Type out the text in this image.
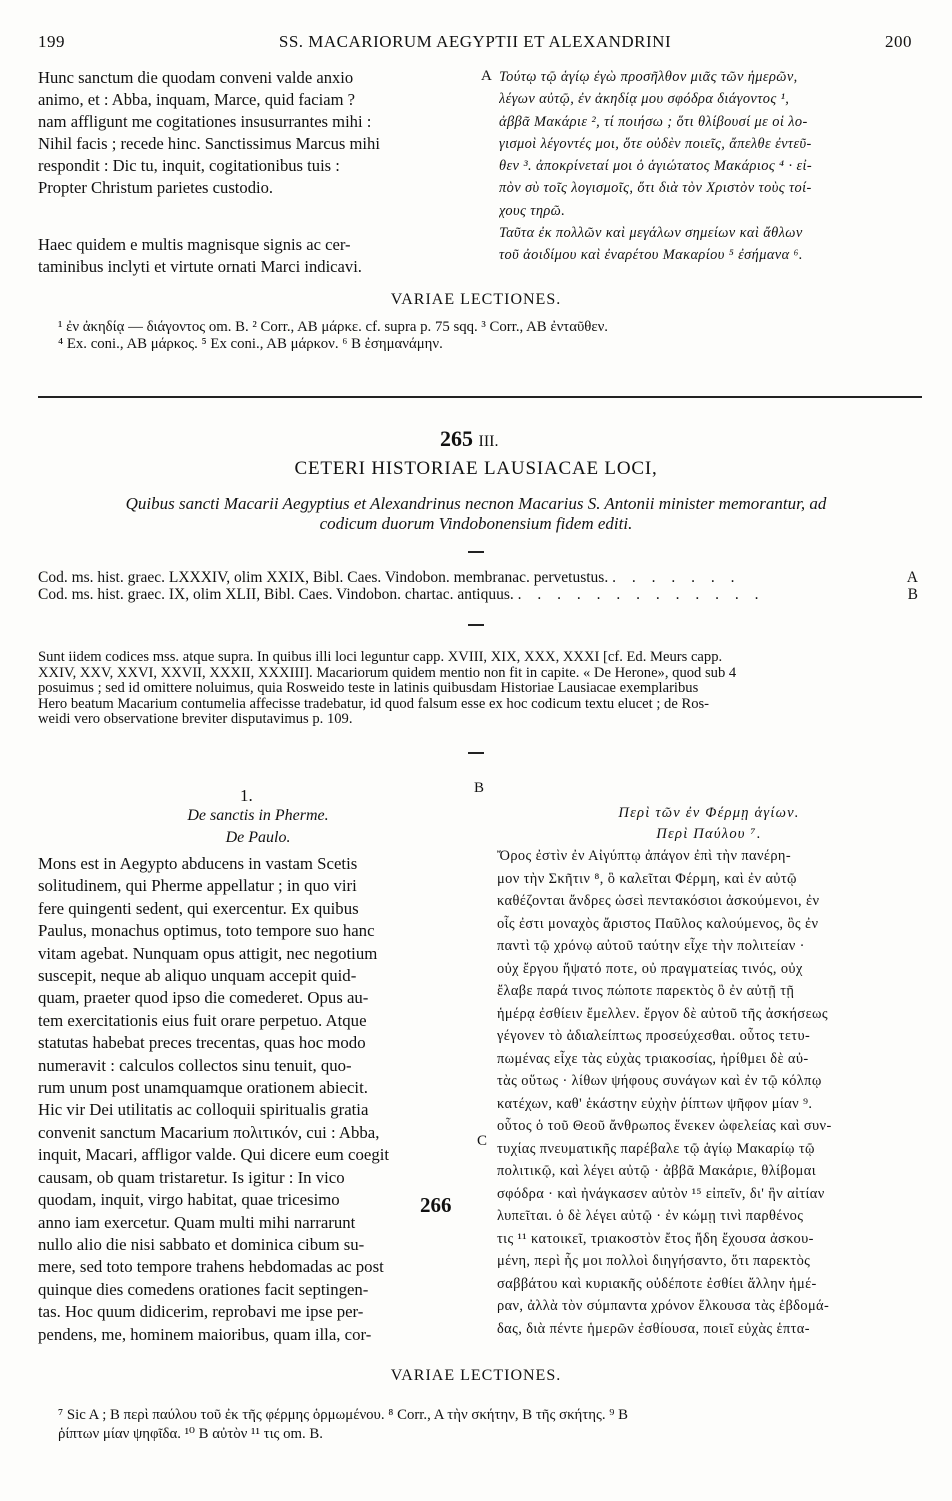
199	SS. MACARIORUM AEGYPTII ET ALEXANDRINI	200
Hunc sanctum die quodam conveni valde anxio
animo, et : Abba, inquam, Marce, quid faciam ?
nam affligunt me cogitationes insusurrantes mihi :
Nihil facis ; recede hinc. Sanctissimus Marcus mihi
respondit : Dic tu, inquit, cogitationibus tuis :
Propter Christum parietes custodio.
Haec quidem e multis magnisque signis ac cer-
taminibus inclyti et virtute ornati Marci indicavi.
A Τούτῳ τῷ ἁγίῳ ἐγὼ προσῆλθον μιᾶς τῶν ἡμερῶν,
λέγων αὐτῷ, ἐν ἀκηδίᾳ μου σφόδρα διάγοντος ¹,
ἀββᾶ Μακάριε ², τί ποιήσω ; ὅτι θλίβουσί με οἱ λο-
γισμοὶ λέγοντές μοι, ὅτε οὐδὲν ποιεῖς, ἄπελθε ἐντεῦ-
θεν ³. ἀποκρίνεταί μοι ὁ ἁγιώτατος Μακάριος ⁴ · εἰ-
πὸν σὺ τοῖς λογισμοῖς, ὅτι διὰ τὸν Χριστὸν τοὺς τοί-
χους τηρῶ.
Ταῦτα ἐκ πολλῶν καὶ μεγάλων σημείων καὶ ἄθλων
τοῦ ἀοιδίμου καὶ ἐναρέτου Μακαρίου ⁵ ἐσήμανα ⁶.
VARIAE LECTIONES.
¹ ἐν ἀκηδίᾳ — διάγοντος om. B. ² Corr., AB μάρκε. cf. supra p. 75 sqq. ³ Corr., AB ἐνταῦθεν.
⁴ Ex. coni., AB μάρκος. ⁵ Ex coni., AB μάρκον. ⁶ B ἐσημανάμην.
265 III.
CETERI HISTORIAE LAUSIACAE LOCI,
Quibus sancti Macarii Aegyptius et Alexandrinus necnon Macarius S. Antonii minister memorantur, ad
codicum duorum Vindobonensium fidem editi.
Cod. ms. hist. graec. LXXXIV, olim XXIX, Bibl. Caes. Vindobon. membranac. pervetustus. . . . . . . .	A
Cod. ms. hist. graec. IX, olim XLII, Bibl. Caes. Vindobon. chartac. antiquus. . . . . . . . . . . . . .	B
Sunt iidem codices mss. atque supra. In quibus illi loci leguntur capp. XVIII, XIX, XXX, XXXI [cf. Ed. Meurs capp.
XXIV, XXV, XXVI, XXVII, XXXII, XXXIII]. Macariorum quidem mentio non fit in capite. « De Herone», quod sub 4
posuimus ; sed id omittere noluimus, quia Rosweido teste in latinis quibusdam Historiae Lausiacae exemplaribus
Hero beatum Macarium contumelia affecisse tradebatur, id quod falsum esse ex hoc codicum textu elucet ; de Ros-
weidi vero observatione breviter disputavimus p. 109.
1.	B
De sanctis in Pherme.
De Paulo.
Περὶ τῶν ἐν Φέρμῃ ἁγίων.
Περὶ Παύλου ⁷.
Mons est in Aegypto abducens in vastam Scetis
solitudinem, qui Pherme appellatur ; in quo viri
fere quingenti sedent, qui exercentur. Ex quibus
Paulus, monachus optimus, toto tempore suo hanc
vitam agebat. Nunquam opus attigit, nec negotium
suscepit, neque ab aliquo unquam accepit quid-
quam, praeter quod ipso die comederet. Opus au-
tem exercitationis eius fuit orare perpetuo. Atque
statutas habebat preces trecentas, quas hoc modo
numeravit : calculos collectos sinu tenuit, quo-
rum unum post unamquamque orationem abiecit.
Hic vir Dei utilitatis ac colloquii spiritualis gratia
convenit sanctum Macarium πολιτικόν, cui : Abba,
inquit, Macari, affligor valde. Qui dicere eum coegit
causam, ob quam tristaretur. Is igitur : In vico
quodam, inquit, virgo habitat, quae tricesimo
anno iam exercetur. Quam multi mihi narrarunt
nullo alio die nisi sabbato et dominica cibum su-
mere, sed toto tempore trahens hebdomadas ac post
quinque dies comedens orationes facit septingen-
tas. Hoc quum didicerim, reprobavi me ipse per-
pendens, me, hominem maioribus, quam illa, cor-
266
C
Ὄρος ἐστὶν ἐν Αἰγύπτῳ ἀπάγον ἐπὶ τὴν πανέρη-
μον τὴν Σκῆτιν ⁸, ὃ καλεῖται Φέρμη, καὶ ἐν αὐτῷ
καθέζονται ἄνδρες ὡσεὶ πεντακόσιοι ἀσκούμενοι, ἐν
οἷς ἐστι μοναχὸς ἄριστος Παῦλος καλούμενος, ὃς ἐν
παντὶ τῷ χρόνῳ αὐτοῦ ταύτην εἶχε τὴν πολιτείαν ·
οὐχ ἔργου ἥψατό ποτε, οὐ πραγματείας τινός, οὐχ
ἔλαβε παρά τινος πώποτε παρεκτὸς ὃ ἐν αὐτῇ τῇ
ἡμέρᾳ ἐσθίειν ἔμελλεν. ἔργον δὲ αὐτοῦ τῆς ἀσκήσεως
γέγονεν τὸ ἀδιαλείπτως προσεύχεσθαι. οὗτος τετυ-
πωμένας εἶχε τὰς εὐχὰς τριακοσίας, ἠρίθμει δὲ αὐ-
τὰς οὕτως · λίθων ψήφους συνάγων καὶ ἐν τῷ κόλπῳ
κατέχων, καθ' ἑκάστην εὐχὴν ῥίπτων ψῆφον μίαν ⁹.
οὗτος ὁ τοῦ Θεοῦ ἄνθρωπος ἕνεκεν ὠφελείας καὶ συν-
τυχίας πνευματικῆς παρέβαλε τῷ ἁγίῳ Μακαρίῳ τῷ
πολιτικῷ, καὶ λέγει αὐτῷ · ἀββᾶ Μακάριε, θλίβομαι
σφόδρα · καὶ ἠνάγκασεν αὐτὸν ¹⁵ εἰπεῖν, δι' ἣν αἰτίαν
λυπεῖται. ὁ δὲ λέγει αὐτῷ · ἐν κώμῃ τινὶ παρθένος
τις ¹¹ κατοικεῖ, τριακοστὸν ἔτος ἤδη ἔχουσα ἀσκου-
μένη, περὶ ἧς μοι πολλοὶ διηγήσαντο, ὅτι παρεκτὸς
σαββάτου καὶ κυριακῆς οὐδέποτε ἐσθίει ἄλλην ἡμέ-
ραν, ἀλλὰ τὸν σύμπαντα χρόνον ἕλκουσα τὰς ἑβδομά-
δας, διὰ πέντε ἡμερῶν ἐσθίουσα, ποιεῖ εὐχὰς ἑπτα-
VARIAE LECTIONES.
⁷ Sic A ; B περὶ παύλου τοῦ ἐκ τῆς φέρμης ὁρμωμένου. ⁸ Corr., A τὴν σκήτην, B τῆς σκήτης. ⁹ B
ῥίπτων μίαν ψηφῖδα. ¹⁰ B αὐτὸν ¹¹ τις om. B.
